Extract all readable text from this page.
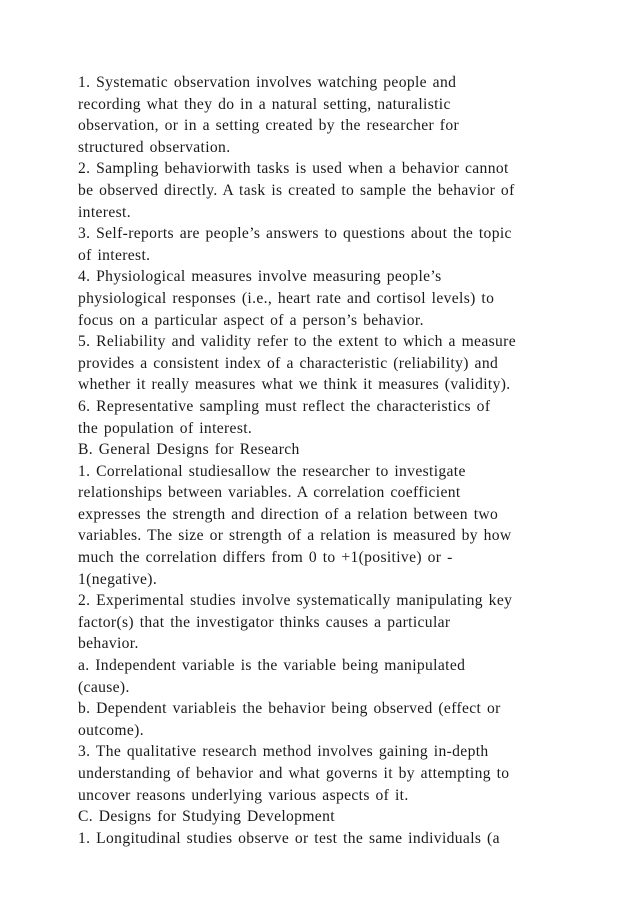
1. Systematic observation involves watching people and
recording what they do in a natural setting, naturalistic
observation, or in a setting created by the researcher for
structured observation.
2. Sampling behaviorwith tasks is used when a behavior cannot
be observed directly. A task is created to sample the behavior of
interest.
3. Self-reports are people’s answers to questions about the topic
of interest.
4. Physiological measures involve measuring people’s
physiological responses (i.e., heart rate and cortisol levels) to
focus on a particular aspect of a person’s behavior.
5. Reliability and validity refer to the extent to which a measure
provides a consistent index of a characteristic (reliability) and
whether it really measures what we think it measures (validity).
6. Representative sampling must reflect the characteristics of
the population of interest.
B. General Designs for Research
1. Correlational studiesallow the researcher to investigate
relationships between variables. A correlation coefficient
expresses the strength and direction of a relation between two
variables. The size or strength of a relation is measured by how
much the correlation differs from 0 to +1(positive) or -
1(negative).
2. Experimental studies involve systematically manipulating key
factor(s) that the investigator thinks causes a particular
behavior.
a. Independent variable is the variable being manipulated
(cause).
b. Dependent variableis the behavior being observed (effect or
outcome).
3. The qualitative research method involves gaining in-depth
understanding of behavior and what governs it by attempting to
uncover reasons underlying various aspects of it.
C. Designs for Studying Development
1. Longitudinal studies observe or test the same individuals (a
